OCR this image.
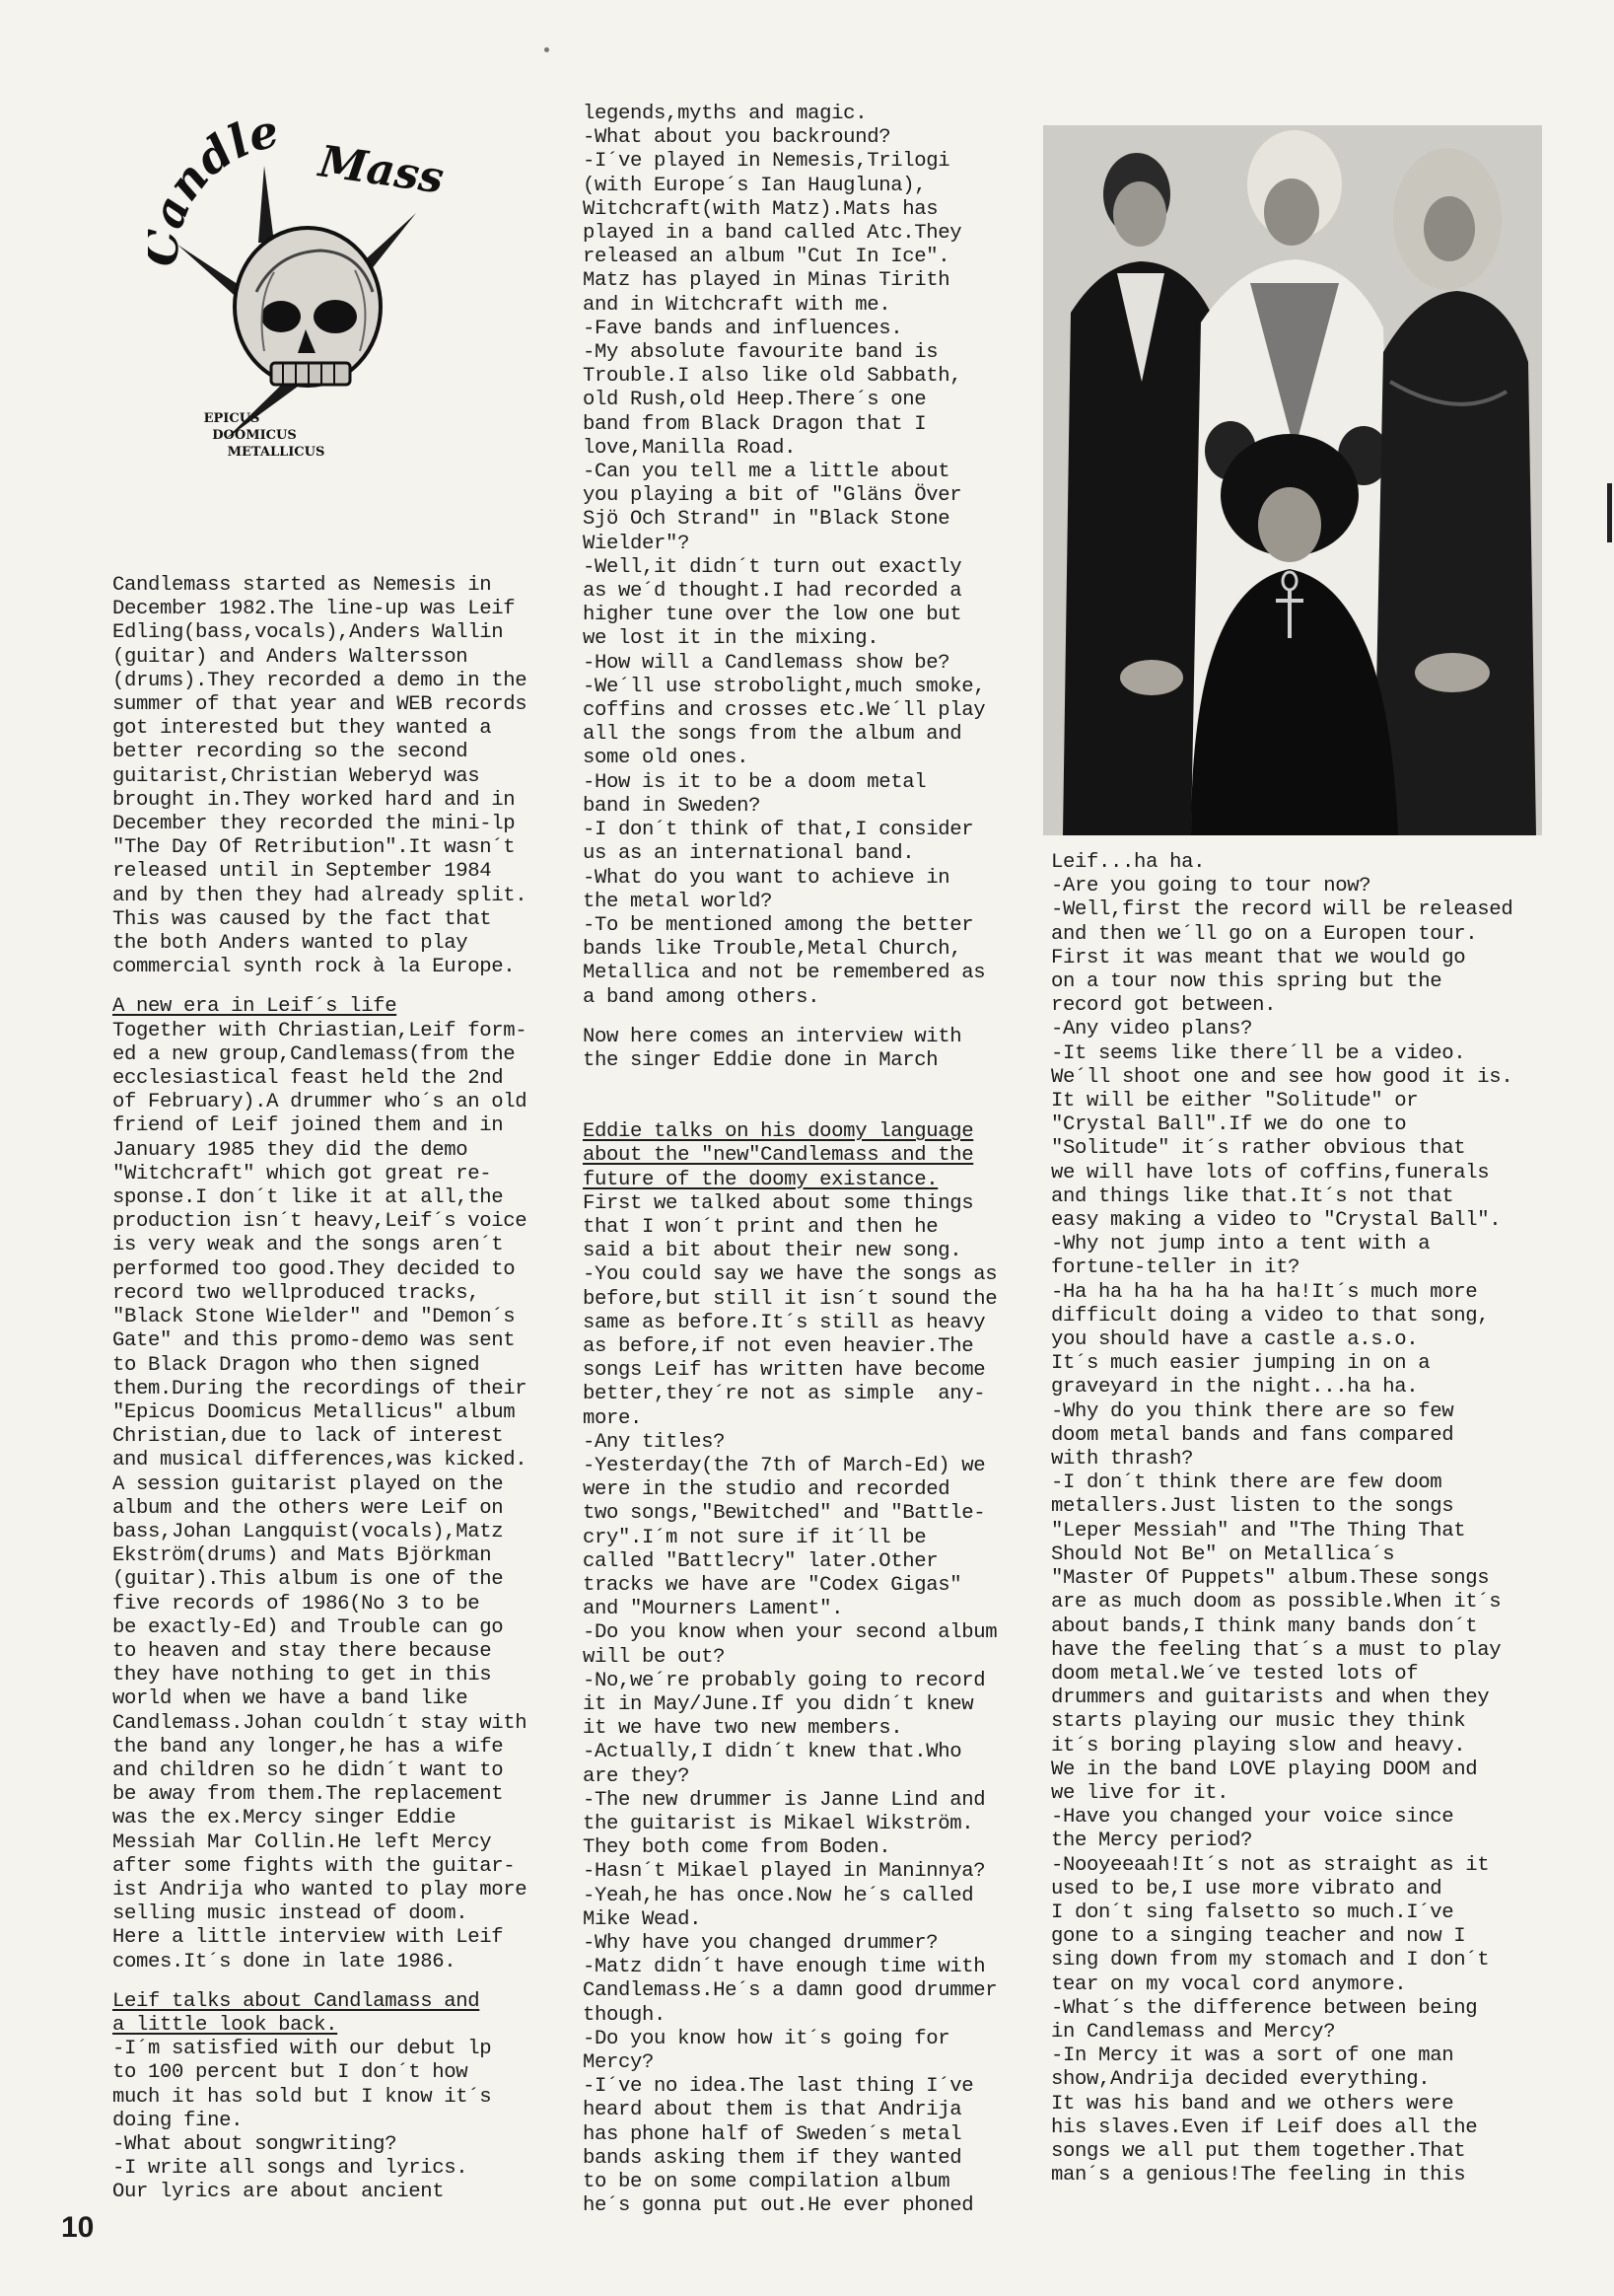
ndle
Mass
EPICUS
DOOMICUS
METALLICUS
Candlemass started as Nemesis in
December 1982.The line-up was Leif
Edling(bass,vocals),Anders Wallin
(guitar) and Anders Waltersson
(drums).They recorded a demo in the
summer of that year and WEB records
got interested but they wanted a
better recording so the second
guitarist,Christian Weberyd was
brought in.They worked hard and in
December they recorded the mini-lp
"The Day Of Retribution".It wasn´t
released until in September 1984
and by then they had already split.
This was caused by the fact that
the both Anders wanted to play
commercial synth rock à la Europe.
A new era in Leif´s life
Together with Chriastian,Leif form-
ed a new group,Candlemass(from the
ecclesiastical feast held the 2nd
of February).A drummer who´s an old
friend of Leif joined them and in
January 1985 they did the demo
"Witchcraft" which got great re-
sponse.I don´t like it at all,the
production isn´t heavy,Leif´s voice
is very weak and the songs aren´t
performed too good.They decided to
record two wellproduced tracks,
"Black Stone Wielder" and "Demon´s
Gate" and this promo-demo was sent
to Black Dragon who then signed
them.During the recordings of their
"Epicus Doomicus Metallicus" album
Christian,due to lack of interest
and musical differences,was kicked.
A session guitarist played on the
album and the others were Leif on
bass,Johan Langquist(vocals),Matz
Ekström(drums) and Mats Björkman
(guitar).This album is one of the
five records of 1986(No 3 to be
be exactly-Ed) and Trouble can go
to heaven and stay there because
they have nothing to get in this
world when we have a band like
Candlemass.Johan couldn´t stay with
the band any longer,he has a wife
and children so he didn´t want to
be away from them.The replacement
was the ex.Mercy singer Eddie
Messiah Mar Collin.He left Mercy
after some fights with the guitar-
ist Andrija who wanted to play more
selling music instead of doom.
Here a little interview with Leif
comes.It´s done in late 1986.
Leif talks about Candlamass and
a little look back.
-I´m satisfied with our debut lp
to 100 percent but I don´t how
much it has sold but I know it´s
doing fine.
-What about songwriting?
-I write all songs and lyrics.
Our lyrics are about ancient
legends,myths and magic.
-What about you backround?
-I´ve played in Nemesis,Trilogi
(with Europe´s Ian Haugluna),
Witchcraft(with Matz).Mats has
played in a band called Atc.They
released an album "Cut In Ice".
Matz has played in Minas Tirith
and in Witchcraft with me.
-Fave bands and influences.
-My absolute favourite band is
Trouble.I also like old Sabbath,
old Rush,old Heep.There´s one
band from Black Dragon that I
love,Manilla Road.
-Can you tell me a little about
you playing a bit of "Gläns Över
Sjö Och Strand" in "Black Stone
Wielder"?
-Well,it didn´t turn out exactly
as we´d thought.I had recorded a
higher tune over the low one but
we lost it in the mixing.
-How will a Candlemass show be?
-We´ll use strobolight,much smoke,
coffins and crosses etc.We´ll play
all the songs from the album and
some old ones.
-How is it to be a doom metal
band in Sweden?
-I don´t think of that,I consider
us as an international band.
-What do you want to achieve in
the metal world?
-To be mentioned among the better
bands like Trouble,Metal Church,
Metallica and not be remembered as
a band among others.
Now here comes an interview with
the singer Eddie done in March
Eddie talks on his doomy language
about the "new"Candlemass and the
future of the doomy existance.
First we talked about some things
that I won´t print and then he
said a bit about their new song.
-You could say we have the songs as
before,but still it isn´t sound the
same as before.It´s still as heavy
as before,if not even heavier.The
songs Leif has written have become
better,they´re not as simple  any-
more.
-Any titles?
-Yesterday(the 7th of March-Ed) we
were in the studio and recorded
two songs,"Bewitched" and "Battle-
cry".I´m not sure if it´ll be
called "Battlecry" later.Other
tracks we have are "Codex Gigas"
and "Mourners Lament".
-Do you know when your second album
will be out?
-No,we´re probably going to record
it in May/June.If you didn´t knew
it we have two new members.
-Actually,I didn´t knew that.Who
are they?
-The new drummer is Janne Lind and
the guitarist is Mikael Wikström.
They both come from Boden.
-Hasn´t Mikael played in Maninnya?
-Yeah,he has once.Now he´s called
Mike Wead.
-Why have you changed drummer?
-Matz didn´t have enough time with
Candlemass.He´s a damn good drummer
though.
-Do you know how it´s going for
Mercy?
-I´ve no idea.The last thing I´ve
heard about them is that Andrija
has phone half of Sweden´s metal
bands asking them if they wanted
to be on some compilation album
he´s gonna put out.He ever phoned
Leif...ha ha.
-Are you going to tour now?
-Well,first the record will be released
and then we´ll go on a Europen tour.
First it was meant that we would go
on a tour now this spring but the
record got between.
-Any video plans?
-It seems like there´ll be a video.
We´ll shoot one and see how good it is.
It will be either "Solitude" or
"Crystal Ball".If we do one to
"Solitude" it´s rather obvious that
we will have lots of coffins,funerals
and things like that.It´s not that
easy making a video to "Crystal Ball".
-Why not jump into a tent with a
fortune-teller in it?
-Ha ha ha ha ha ha ha!It´s much more
difficult doing a video to that song,
you should have a castle a.s.o.
It´s much easier jumping in on a
graveyard in the night...ha ha.
-Why do you think there are so few
doom metal bands and fans compared
with thrash?
-I don´t think there are few doom
metallers.Just listen to the songs
"Leper Messiah" and "The Thing That
Should Not Be" on Metallica´s
"Master Of Puppets" album.These songs
are as much doom as possible.When it´s
about bands,I think many bands don´t
have the feeling that´s a must to play
doom metal.We´ve tested lots of
drummers and guitarists and when they
starts playing our music they think
it´s boring playing slow and heavy.
We in the band LOVE playing DOOM and
we live for it.
-Have you changed your voice since
the Mercy period?
-Nooyeeaah!It´s not as straight as it
used to be,I use more vibrato and
I don´t sing falsetto so much.I´ve
gone to a singing teacher and now I
sing down from my stomach and I don´t
tear on my vocal cord anymore.
-What´s the difference between being
in Candlemass and Mercy?
-In Mercy it was a sort of one man
show,Andrija decided everything.
It was his band and we others were
his slaves.Even if Leif does all the
songs we all put them together.That
man´s a genious!The feeling in this
10
